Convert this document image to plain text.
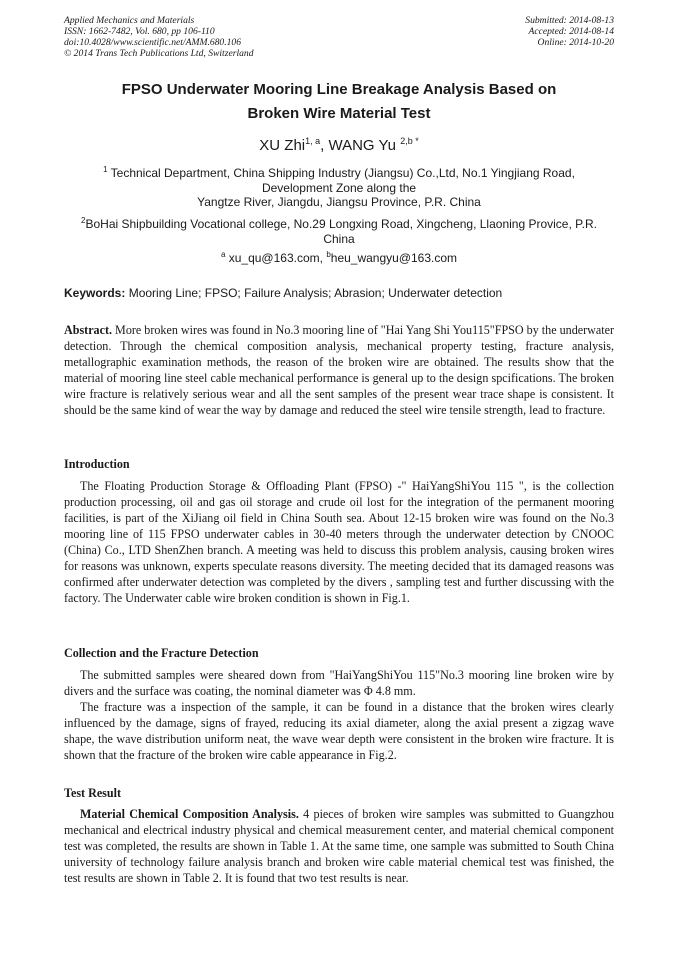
Applied Mechanics and Materials
ISSN: 1662-7482, Vol. 680, pp 106-110
doi:10.4028/www.scientific.net/AMM.680.106
© 2014 Trans Tech Publications Ltd, Switzerland
Submitted: 2014-08-13
Accepted: 2014-08-14
Online: 2014-10-20
FPSO Underwater Mooring Line Breakage Analysis Based on
Broken Wire Material Test
XU Zhi$^{1, a}$, WANG Yu $^{2,b *}$
$^1$ Technical Department, China Shipping Industry (Jiangsu) Co.,Ltd, No.1 Yingjiang Road,
Development Zone along the
Yangtze River, Jiangdu, Jiangsu Province, P.R. China
$^2$BoHai Shipbuilding Vocational college, No.29 Longxing Road, Xingcheng, Llaoning Provice, P.R.
China
$^a$ xu_qu@163.com, $^b$heu_wangyu@163.com
Keywords: Mooring Line; FPSO; Failure Analysis; Abrasion; Underwater detection

Abstract. More broken wires was found in No.3 mooring line of "Hai Yang Shi You115"FPSO by the underwater detection. Through the chemical composition analysis, mechanical property testing, fracture analysis, metallographic examination methods, the reason of the broken wire are obtained. The results show that the material of mooring line steel cable mechanical performance is general up to the design spcifications. The broken wire fracture is relatively serious wear and all the sent samples of the present wear trace shape is consistent. It should be the same kind of wear the way by damage and reduced the steel wire tensile strength, lead to fracture.

Introduction

The Floating Production Storage & Offloading Plant (FPSO) -" HaiYangShiYou 115 ", is the collection production processing, oil and gas oil storage and crude oil lost for the integration of the permanent mooring facilities, is part of the XiJiang oil field in China South sea. About 12-15 broken wire was found on the No.3 mooring line of 115 FPSO underwater cables in 30-40 meters through the underwater detection by CNOOC (China) Co., LTD ShenZhen branch. A meeting was held to discuss this problem analysis, causing broken wires for reasons was unknown, experts speculate reasons diversity. The meeting decided that its damaged reasons was confirmed after underwater detection was completed by the divers , sampling test and further discussing with the factory. The Underwater cable wire broken condition is shown in Fig.1.

Collection and the Fracture Detection

The submitted samples were sheared down from "HaiYangShiYou 115"No.3 mooring line broken wire by divers and the surface was coating, the nominal diameter was Φ 4.8 mm.

The fracture was a inspection of the sample, it can be found in a distance that the broken wires clearly influenced by the damage, signs of frayed, reducing its axial diameter, along the axial present a zigzag wave shape, the wave distribution uniform neat, the wave wear depth were consistent in the broken wire fracture. It is shown that the fracture of the broken wire cable appearance in Fig.2.

Test Result

Material Chemical Composition Analysis. 4 pieces of broken wire samples was submitted to Guangzhou mechanical and electrical industry physical and chemical measurement center, and material chemical component test was completed, the results are shown in Table 1. At the same time, one sample was submitted to South China university of technology failure analysis branch and broken wire cable material chemical test was finished, the test results are shown in Table 2. It is found that two test results is near.
